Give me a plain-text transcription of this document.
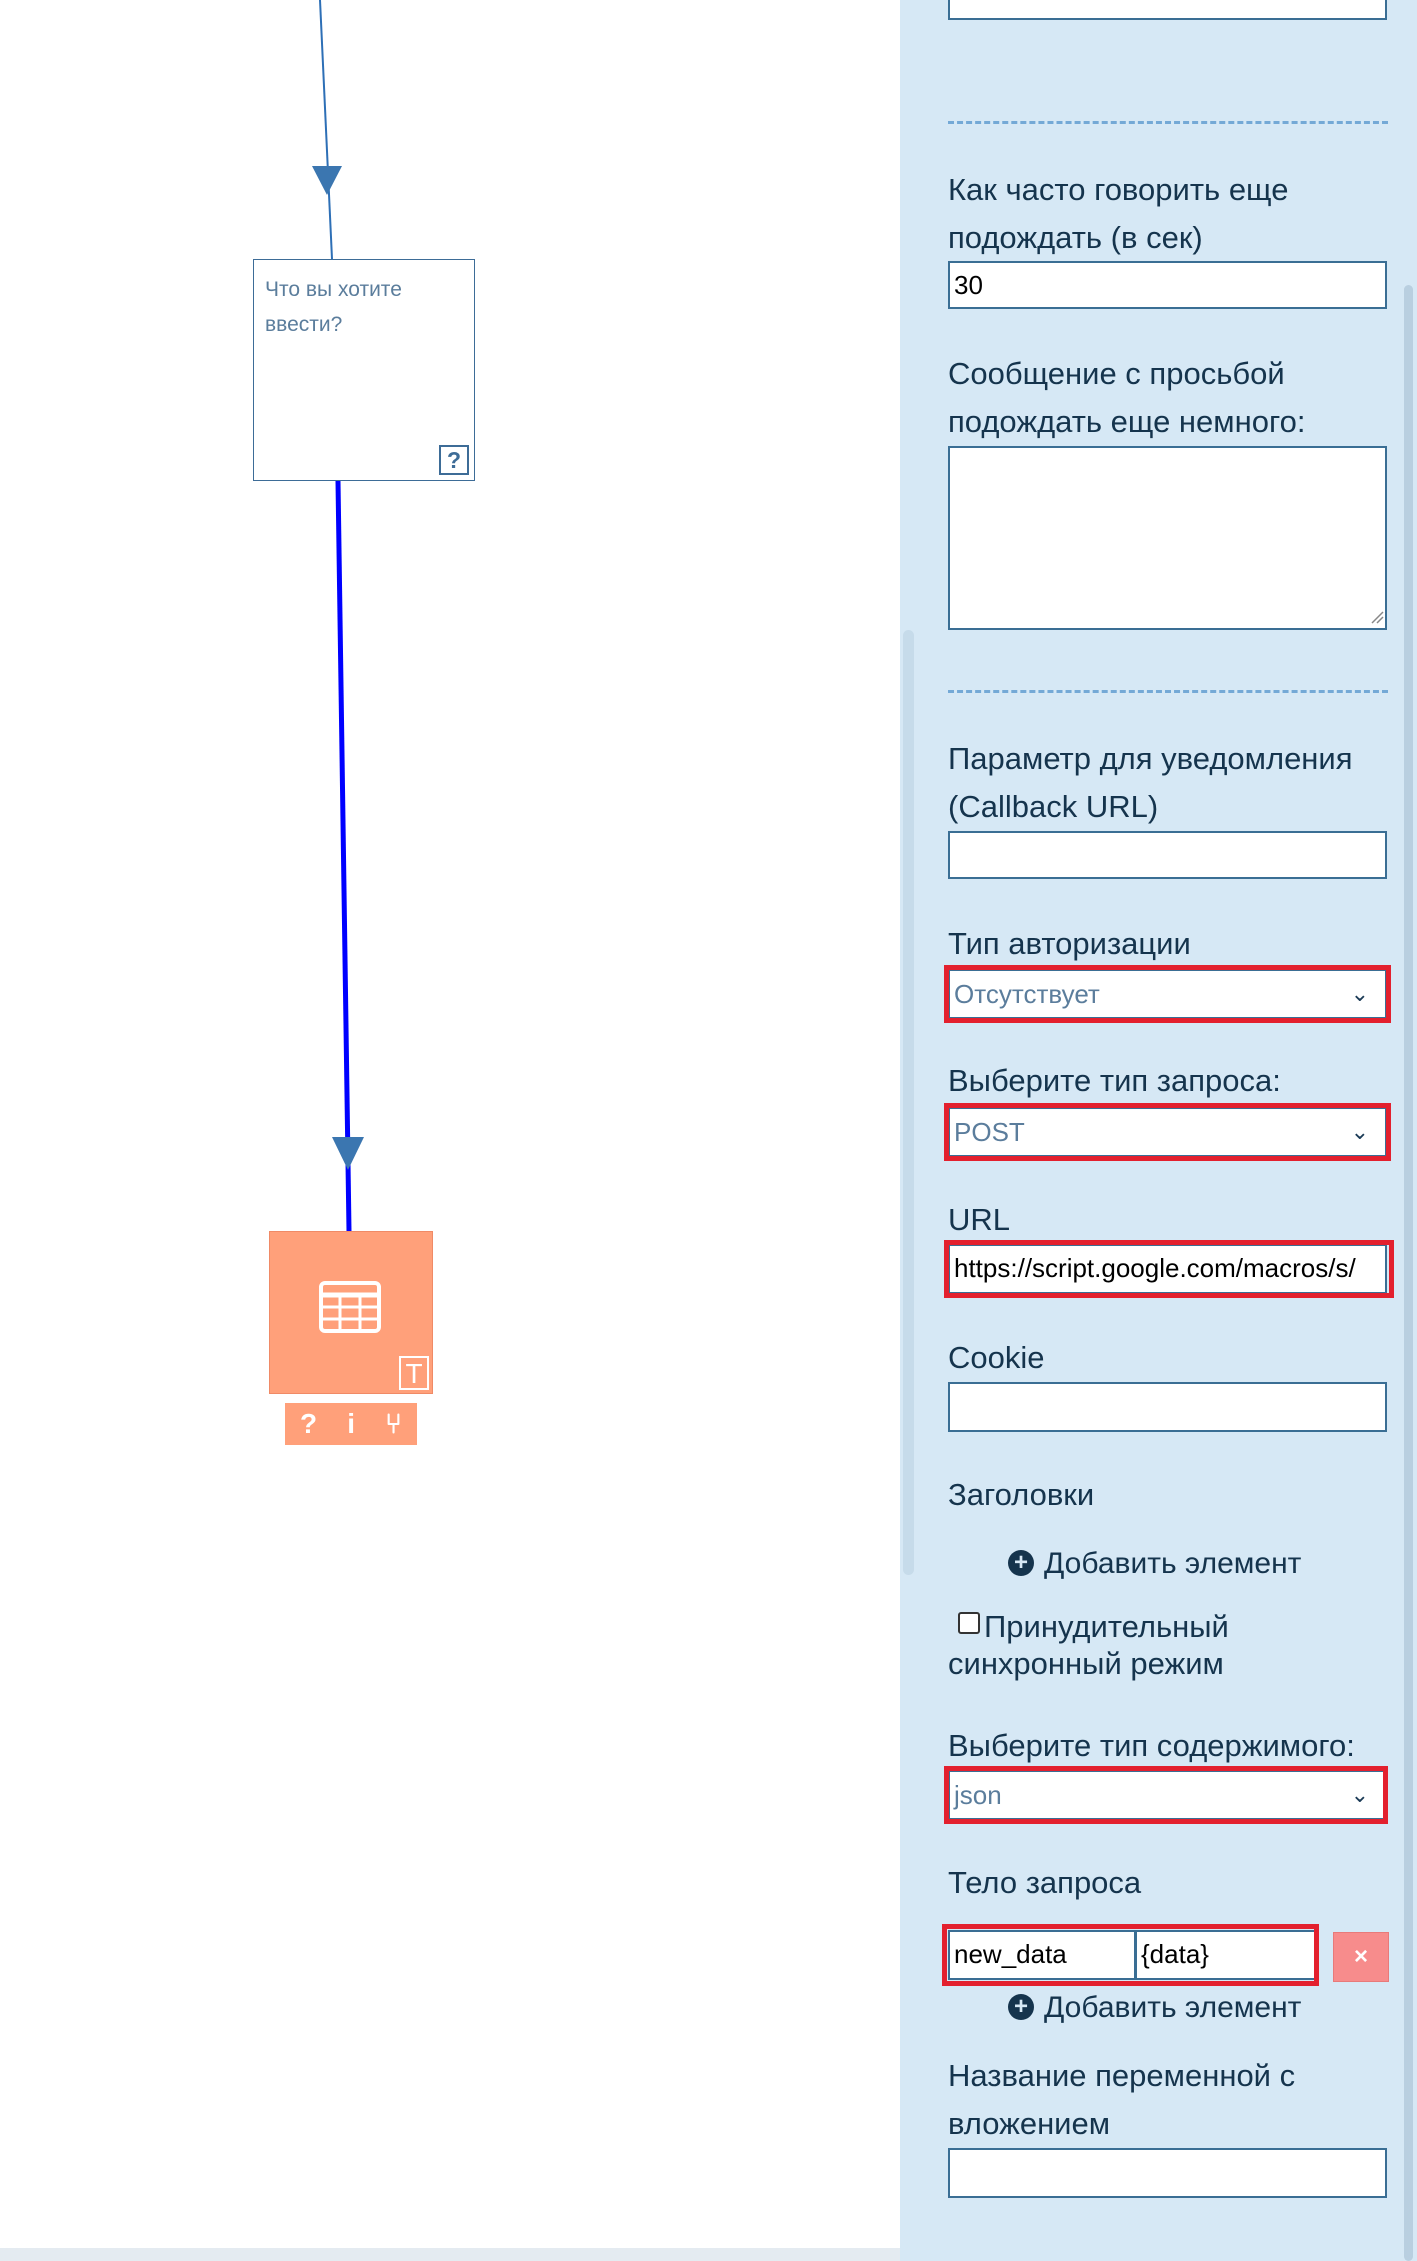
Что вы хотите ввести?
?
T
? i ⑂
Как часто говорить еще подождать (в сек)
30
Сообщение с просьбой подождать еще немного:
Параметр для уведомления (Callback URL)
Тип авторизации
Отсутствует	⌄
Выберите тип запроса:
POST	⌄
URL
https://script.google.com/macros/s/
Cookie
Заголовки
+ Добавить элемент
Принудительный синхронный режим
Выберите тип содержимого:
json	⌄
Тело запроса
new_data	{data}	×
+ Добавить элемент
Название переменной с вложением
